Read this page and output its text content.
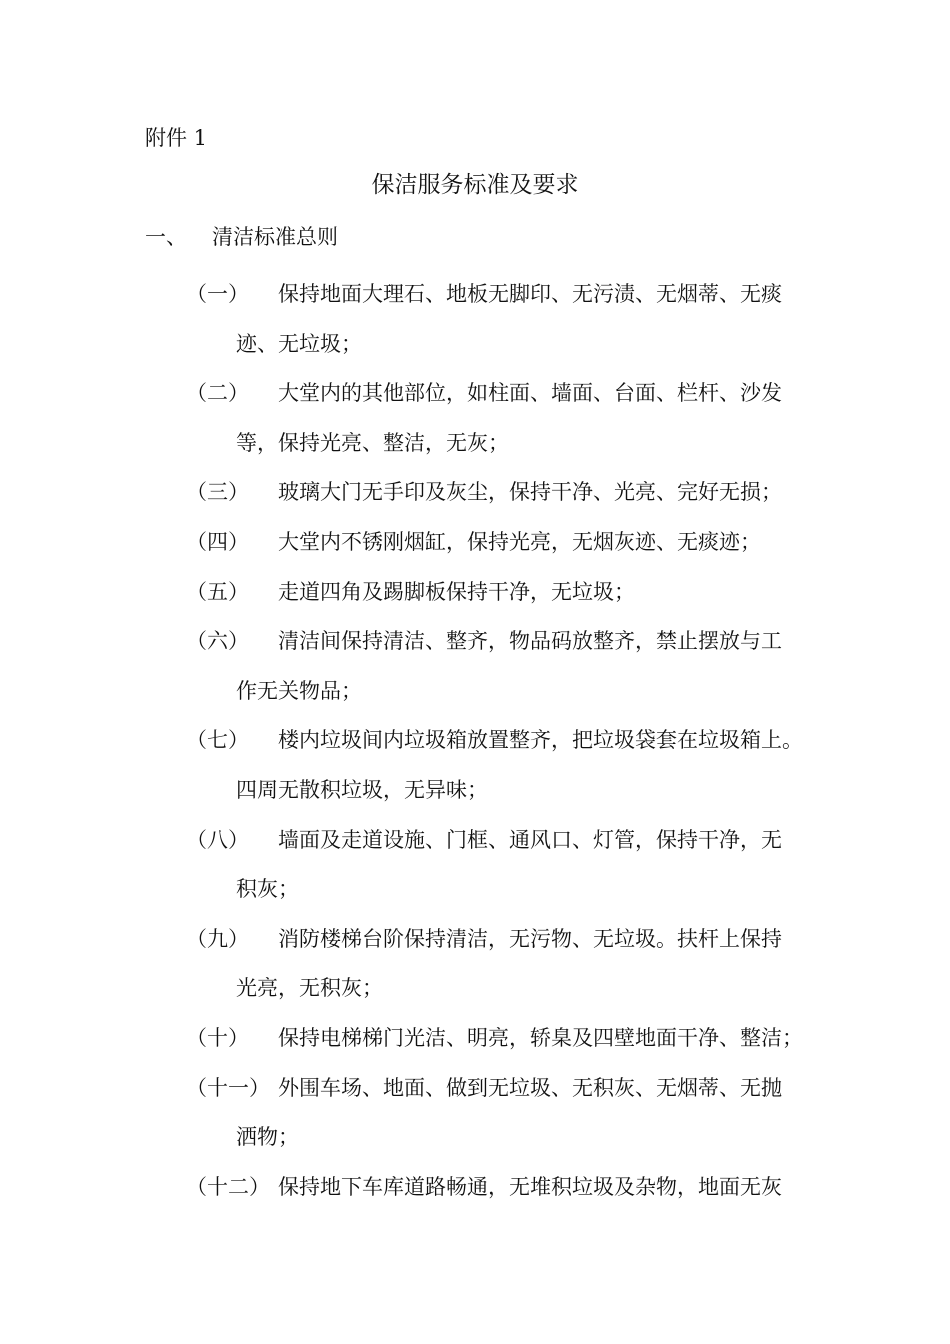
附件 1
保洁服务标准及要求
一、 清洁标准总则
（一） 保持地面大理石、地板无脚印、无污渍、无烟蒂、无痰
迹、无垃圾；
（二） 大堂内的其他部位，如柱面、墙面、台面、栏杆、沙发
等，保持光亮、整洁，无灰；
（三） 玻璃大门无手印及灰尘，保持干净、光亮、完好无损；
（四） 大堂内不锈刚烟缸，保持光亮，无烟灰迹、无痰迹；
（五） 走道四角及踢脚板保持干净，无垃圾；
（六） 清洁间保持清洁、整齐，物品码放整齐，禁止摆放与工
作无关物品；
（七） 楼内垃圾间内垃圾箱放置整齐，把垃圾袋套在垃圾箱上。
四周无散积垃圾，无异味；
（八） 墙面及走道设施、门框、通风口、灯管，保持干净，无
积灰；
（九） 消防楼梯台阶保持清洁，无污物、无垃圾。扶杆上保持
光亮，无积灰；
（十） 保持电梯梯门光洁、明亮，轿臬及四壁地面干净、整洁；
（十一） 外围车场、地面、做到无垃圾、无积灰、无烟蒂、无抛
洒物；
（十二） 保持地下车库道路畅通，无堆积垃圾及杂物，地面无灰
